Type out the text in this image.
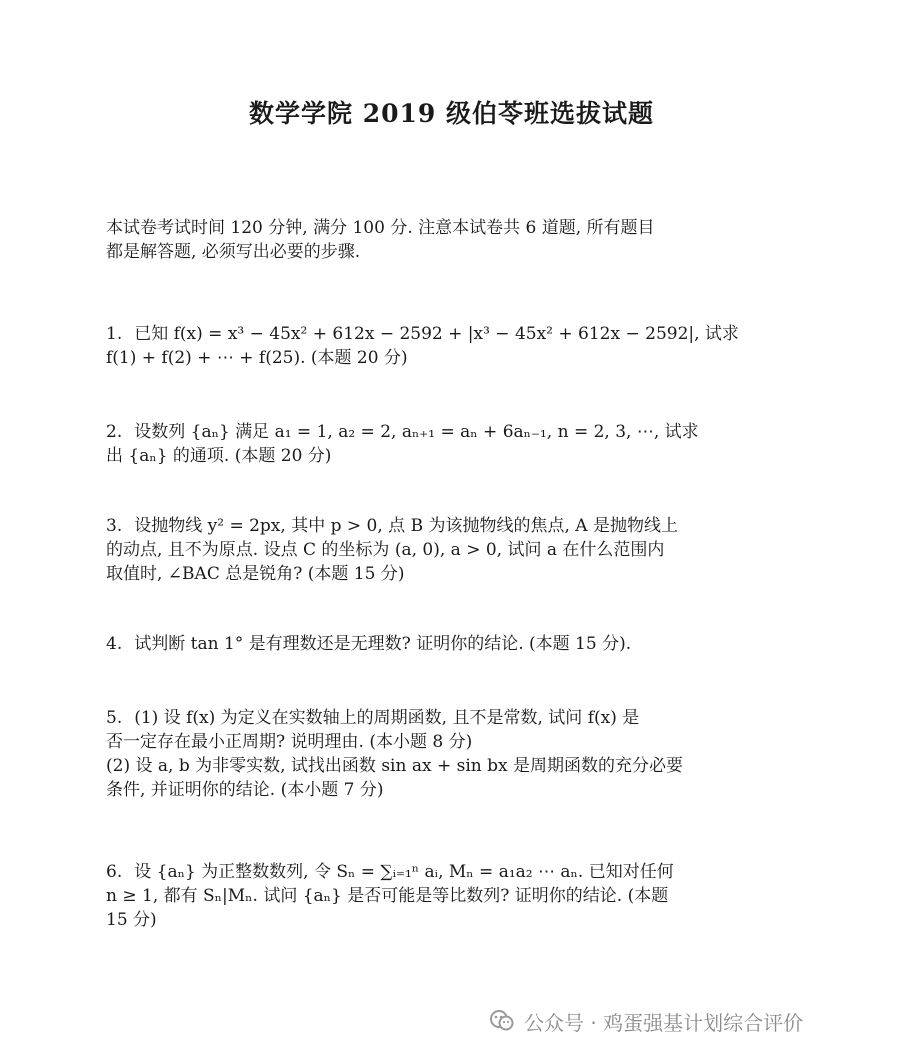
数学学院 2019 级伯苓班选拔试题
本试卷考试时间 120 分钟, 满分 100 分. 注意本试卷共 6 道题, 所有题目
都是解答题, 必须写出必要的步骤.
1. 已知 f(x) = x³ − 45x² + 612x − 2592 + |x³ − 45x² + 612x − 2592|, 试求
f(1) + f(2) + ⋯ + f(25). (本题 20 分)
2. 设数列 {aₙ} 满足 a₁ = 1, a₂ = 2, aₙ₊₁ = aₙ + 6aₙ₋₁, n = 2, 3, ⋯, 试求
出 {aₙ} 的通项. (本题 20 分)
3. 设抛物线 y² = 2px, 其中 p > 0, 点 B 为该抛物线的焦点, A 是抛物线上
的动点, 且不为原点. 设点 C 的坐标为 (a, 0), a > 0, 试问 a 在什么范围内
取值时, ∠BAC 总是锐角? (本题 15 分)
4. 试判断 tan 1° 是有理数还是无理数? 证明你的结论. (本题 15 分).
5. (1) 设 f(x) 为定义在实数轴上的周期函数, 且不是常数, 试问 f(x) 是
否一定存在最小正周期? 说明理由. (本小题 8 分)
(2) 设 a, b 为非零实数, 试找出函数 sin ax + sin bx 是周期函数的充分必要
条件, 并证明你的结论. (本小题 7 分)
6. 设 {aₙ} 为正整数数列, 令 Sₙ = ∑ᵢ₌₁ⁿ aᵢ, Mₙ = a₁a₂ ⋯ aₙ. 已知对任何
n ≥ 1, 都有 Sₙ|Mₙ. 试问 {aₙ} 是否可能是等比数列? 证明你的结论. (本题
15 分)
公众号 · 鸡蛋强基计划综合评价
